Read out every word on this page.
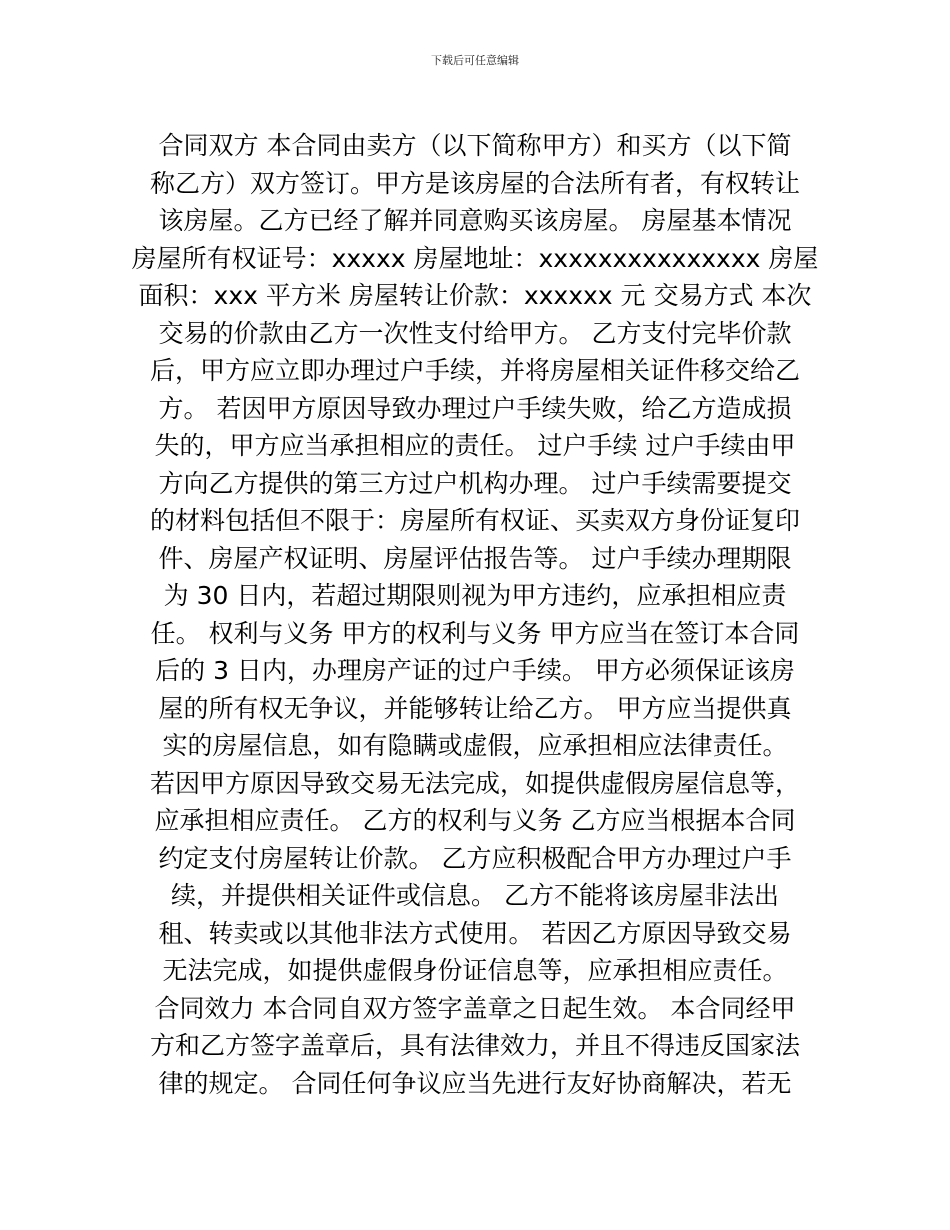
下载后可任意编辑
合同双方 本合同由卖方（以下简称甲方）和买方（以下简
称乙方）双方签订。甲方是该房屋的合法所有者，有权转让
该房屋。乙方已经了解并同意购买该房屋。 房屋基本情况
房屋所有权证号：xxxxx 房屋地址：xxxxxxxxxxxxxxx 房屋
面积：xxx 平方米 房屋转让价款：xxxxxx 元 交易方式 本次
交易的价款由乙方一次性支付给甲方。 乙方支付完毕价款
后，甲方应立即办理过户手续，并将房屋相关证件移交给乙
方。 若因甲方原因导致办理过户手续失败，给乙方造成损
失的，甲方应当承担相应的责任。 过户手续 过户手续由甲
方向乙方提供的第三方过户机构办理。 过户手续需要提交
的材料包括但不限于：房屋所有权证、买卖双方身份证复印
件、房屋产权证明、房屋评估报告等。 过户手续办理期限
为 30 日内，若超过期限则视为甲方违约，应承担相应责
任。 权利与义务 甲方的权利与义务 甲方应当在签订本合同
后的 3 日内，办理房产证的过户手续。 甲方必须保证该房
屋的所有权无争议，并能够转让给乙方。 甲方应当提供真
实的房屋信息，如有隐瞒或虚假，应承担相应法律责任。
若因甲方原因导致交易无法完成，如提供虚假房屋信息等，
应承担相应责任。 乙方的权利与义务 乙方应当根据本合同
约定支付房屋转让价款。 乙方应积极配合甲方办理过户手
续，并提供相关证件或信息。 乙方不能将该房屋非法出
租、转卖或以其他非法方式使用。 若因乙方原因导致交易
无法完成，如提供虚假身份证信息等，应承担相应责任。
合同效力 本合同自双方签字盖章之日起生效。 本合同经甲
方和乙方签字盖章后，具有法律效力，并且不得违反国家法
律的规定。 合同任何争议应当先进行友好协商解决，若无
